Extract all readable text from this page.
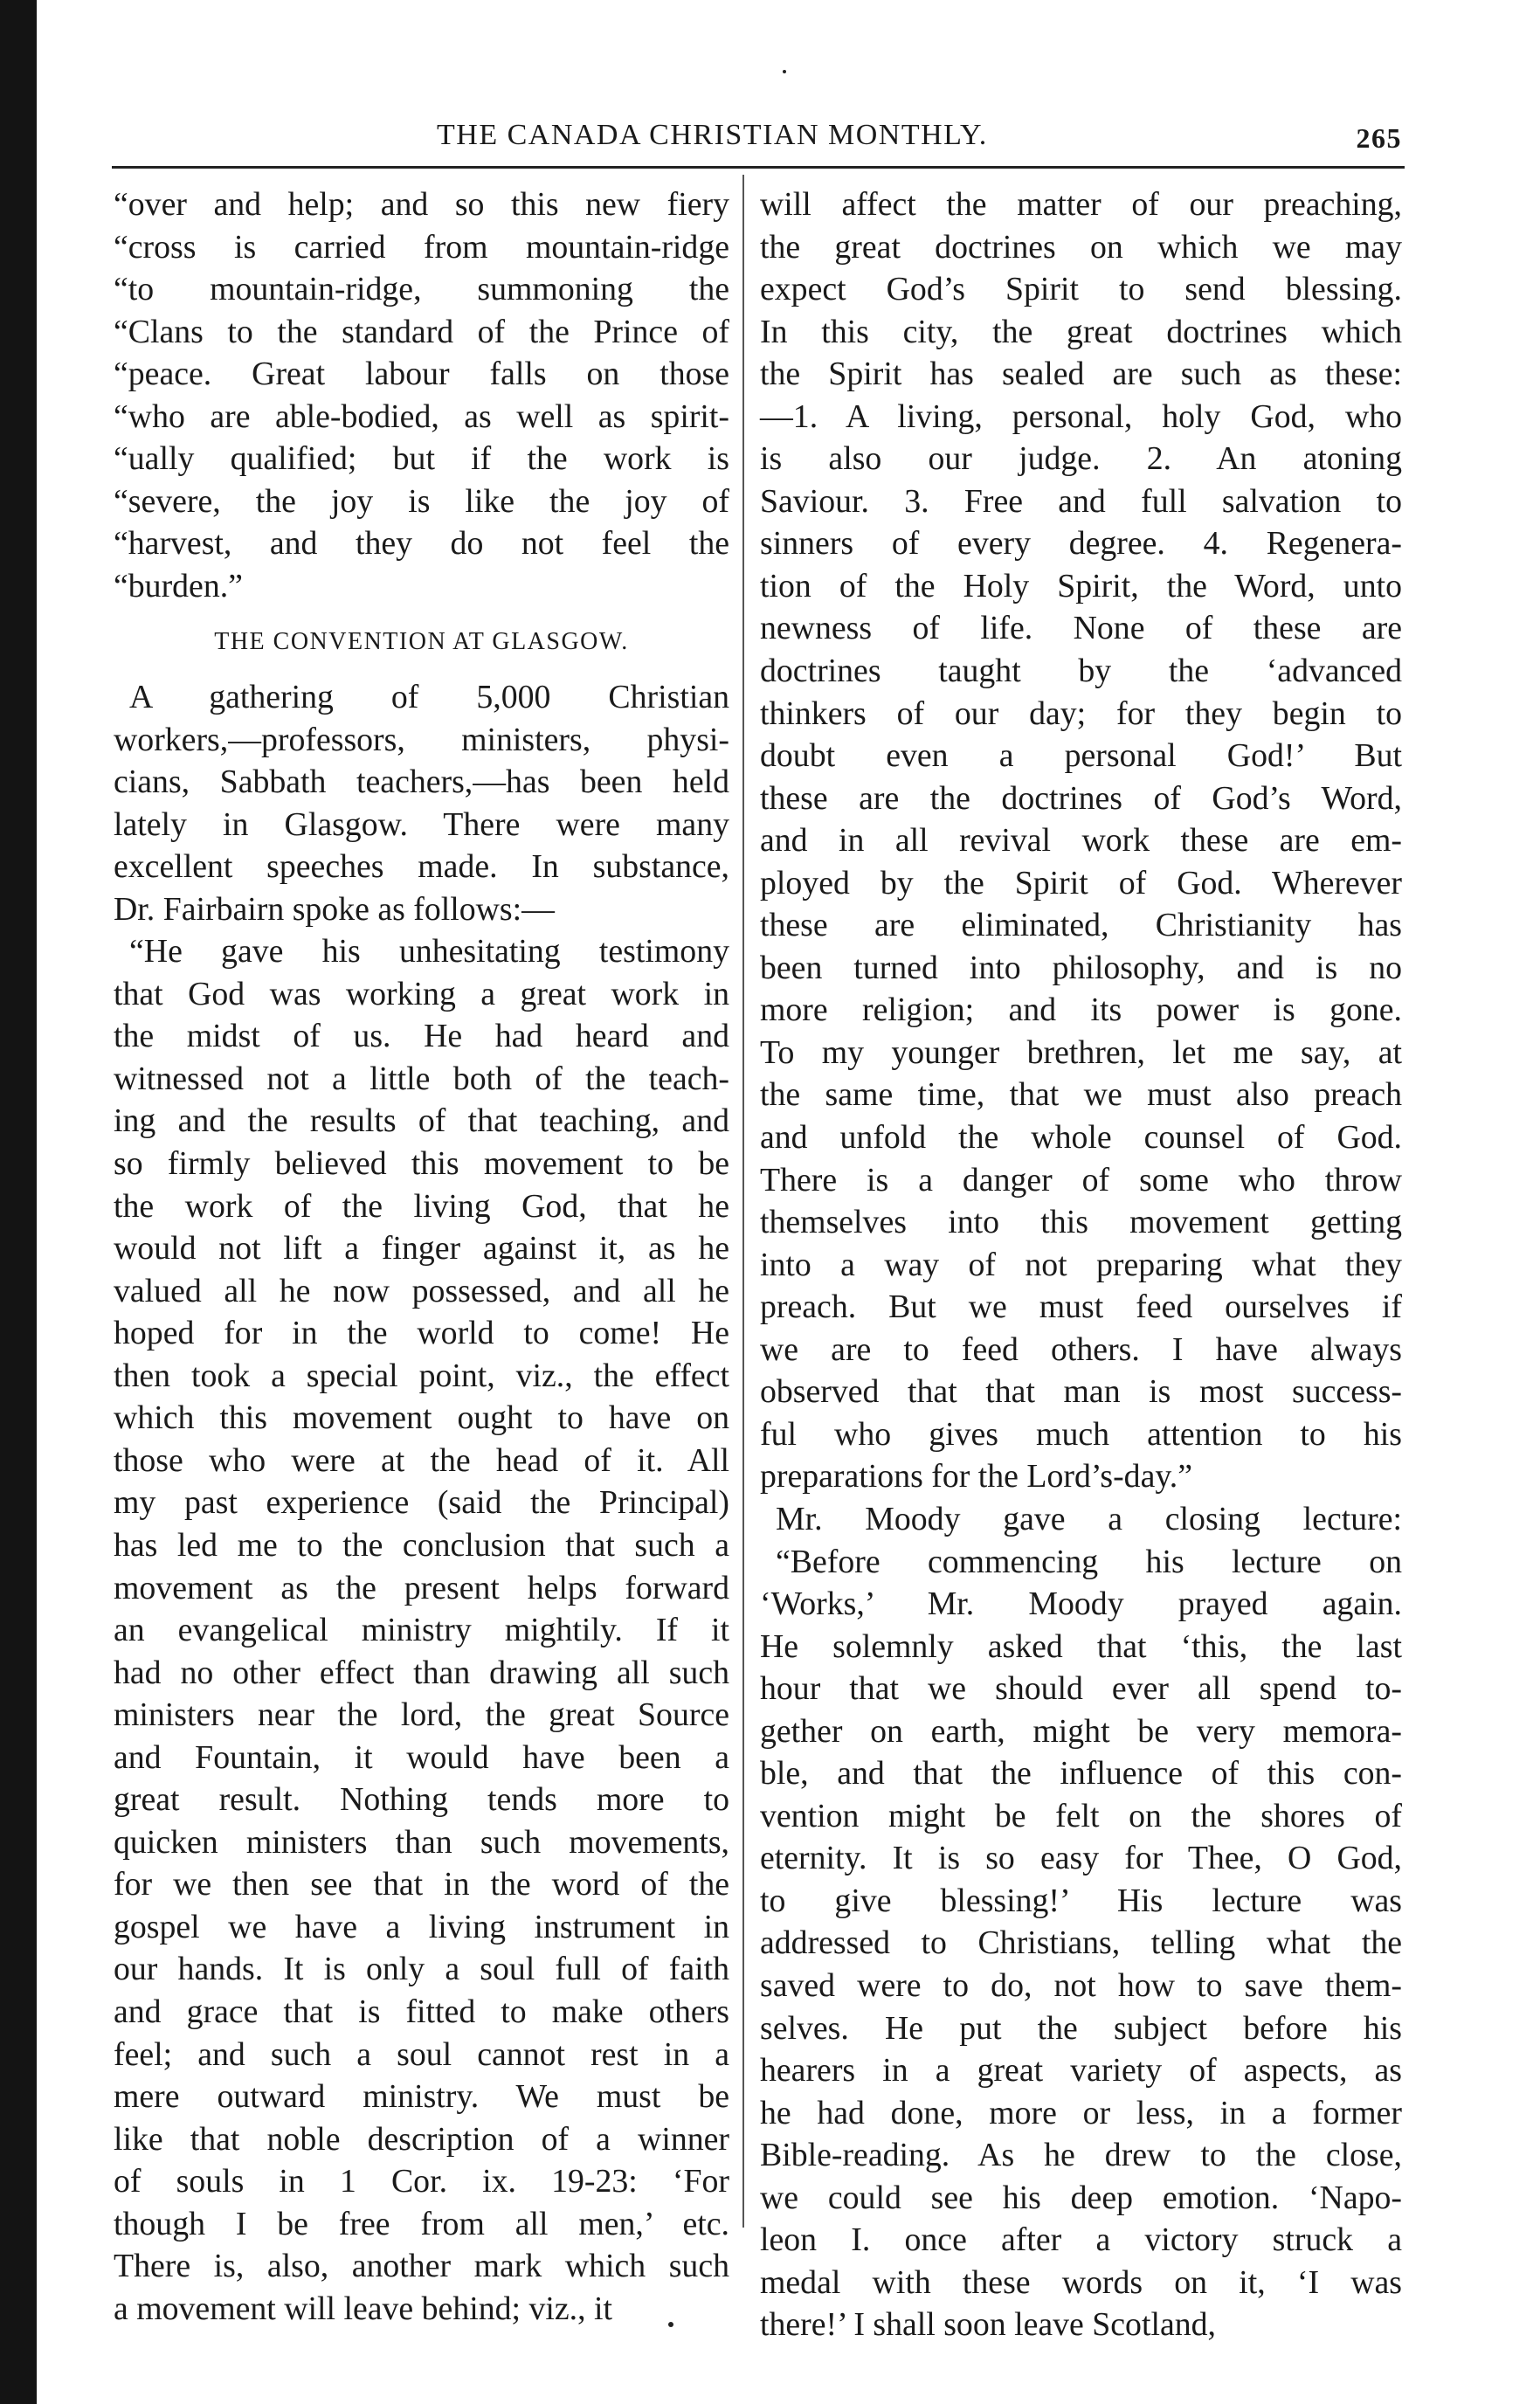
THE CANADA CHRISTIAN MONTHLY.	265
“over and help; and so this new fiery
“cross is carried from mountain-ridge
“to mountain-ridge, summoning the
“Clans to the standard of the Prince of
“peace. Great labour falls on those
“who are able-bodied, as well as spirit-
“ually qualified; but if the work is
“severe, the joy is like the joy of
“harvest, and they do not feel the
“burden.”
THE CONVENTION AT GLASGOW.
A gathering of 5,000 Christian
workers,—professors, ministers, physi-
cians, Sabbath teachers,—has been held
lately in Glasgow. There were many
excellent speeches made. In substance,
Dr. Fairbairn spoke as follows:—
“He gave his unhesitating testimony
that God was working a great work in
the midst of us. He had heard and
witnessed not a little both of the teach-
ing and the results of that teaching, and
so firmly believed this movement to be
the work of the living God, that he
would not lift a finger against it, as he
valued all he now possessed, and all he
hoped for in the world to come! He
then took a special point, viz., the effect
which this movement ought to have on
those who were at the head of it. All
my past experience (said the Principal)
has led me to the conclusion that such a
movement as the present helps forward
an evangelical ministry mightily. If it
had no other effect than drawing all such
ministers near the lord, the great Source
and Fountain, it would have been a
great result. Nothing tends more to
quicken ministers than such movements,
for we then see that in the word of the
gospel we have a living instrument in
our hands. It is only a soul full of faith
and grace that is fitted to make others
feel; and such a soul cannot rest in a
mere outward ministry. We must be
like that noble description of a winner
of souls in 1 Cor. ix. 19-23: ‘For
though I be free from all men,’ etc.
There is, also, another mark which such
a movement will leave behind; viz., it
will affect the matter of our preaching,
the great doctrines on which we may
expect God’s Spirit to send blessing.
In this city, the great doctrines which
the Spirit has sealed are such as these:
—1. A living, personal, holy God, who
is also our judge. 2. An atoning
Saviour. 3. Free and full salvation to
sinners of every degree. 4. Regenera-
tion of the Holy Spirit, the Word, unto
newness of life. None of these are
doctrines taught by the ‘advanced
thinkers of our day; for they begin to
doubt even a personal God!’ But
these are the doctrines of God’s Word,
and in all revival work these are em-
ployed by the Spirit of God. Wherever
these are eliminated, Christianity has
been turned into philosophy, and is no
more religion; and its power is gone.
To my younger brethren, let me say, at
the same time, that we must also preach
and unfold the whole counsel of God.
There is a danger of some who throw
themselves into this movement getting
into a way of not preparing what they
preach. But we must feed ourselves if
we are to feed others. I have always
observed that that man is most success-
ful who gives much attention to his
preparations for the Lord’s-day.”
Mr. Moody gave a closing lecture:
“Before commencing his lecture on
‘Works,’ Mr. Moody prayed again.
He solemnly asked that ‘this, the last
hour that we should ever all spend to-
gether on earth, might be very memora-
ble, and that the influence of this con-
vention might be felt on the shores of
eternity. It is so easy for Thee, O God,
to give blessing!’ His lecture was
addressed to Christians, telling what the
saved were to do, not how to save them-
selves. He put the subject before his
hearers in a great variety of aspects, as
he had done, more or less, in a former
Bible-reading. As he drew to the close,
we could see his deep emotion. ‘Napo-
leon I. once after a victory struck a
medal with these words on it, ‘I was
there!’ I shall soon leave Scotland,
